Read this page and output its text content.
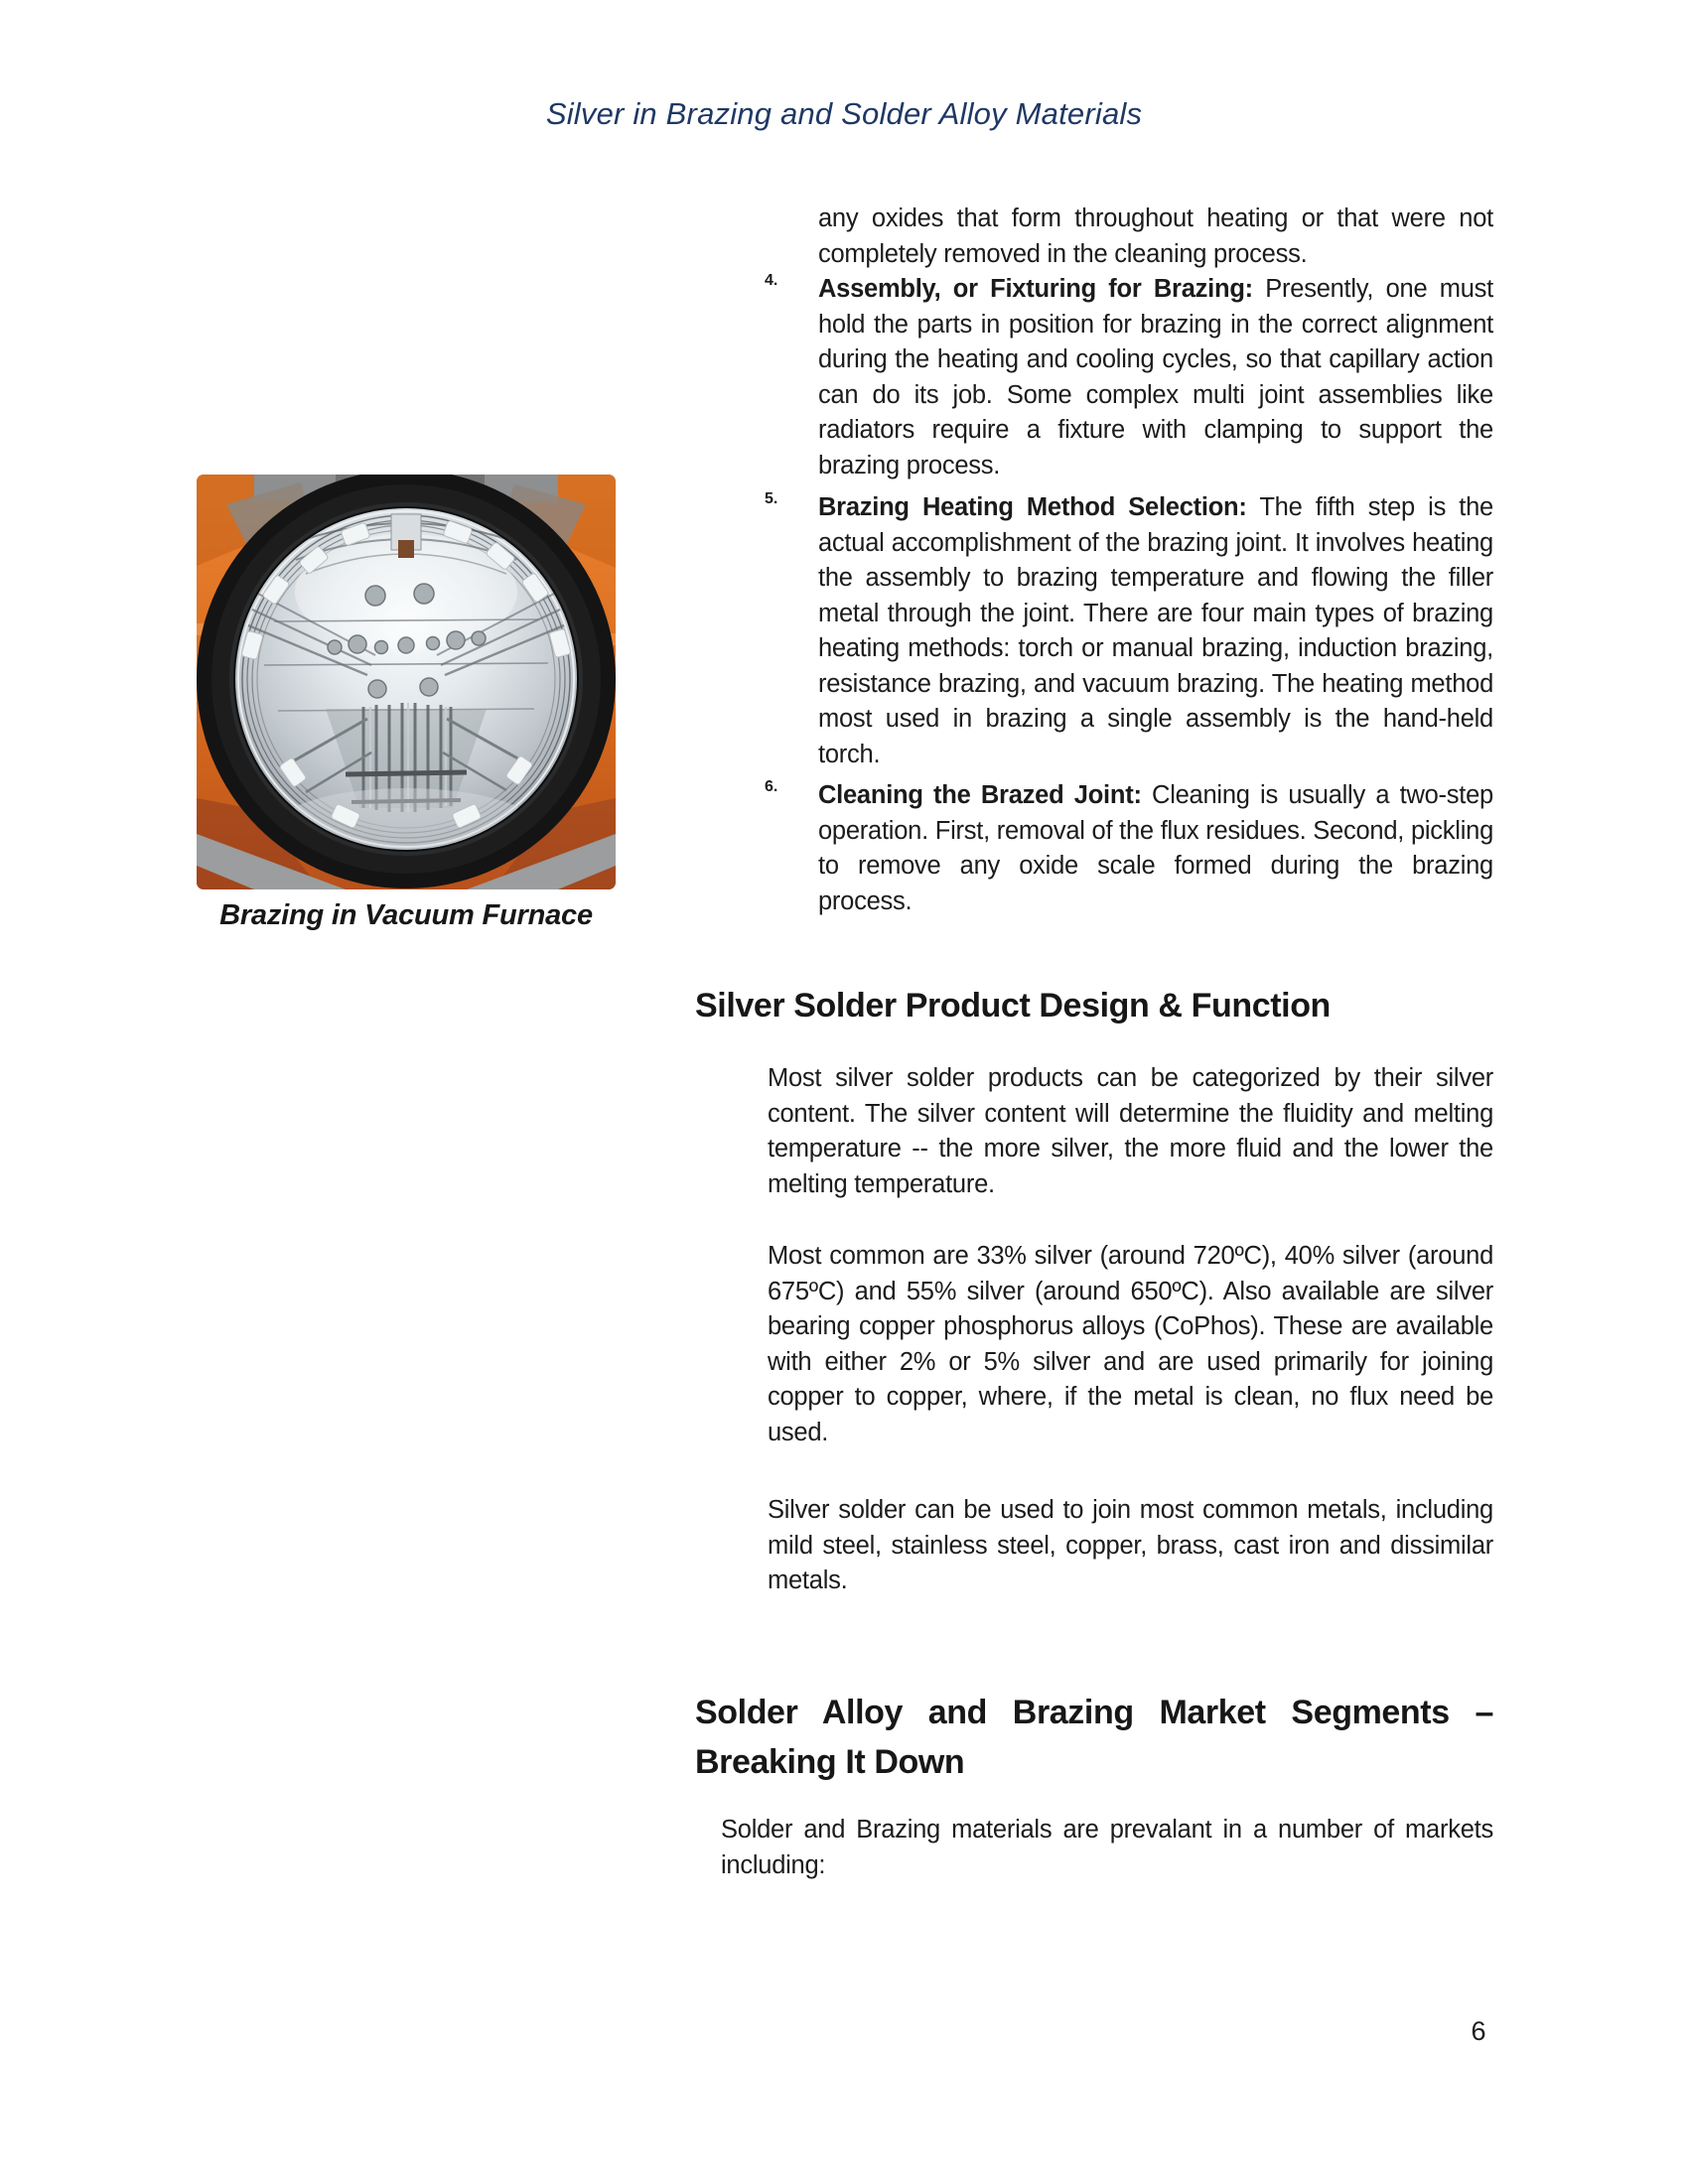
Silver in Brazing and Solder Alloy Materials
Brazing in Vacuum Furnace

any oxides that form throughout heating or that were not completely removed in the cleaning process.

4. Assembly, or Fixturing for Brazing: Presently, one must hold the parts in position for brazing in the correct alignment during the heating and cooling cycles, so that capillary action can do its job. Some complex multi joint assemblies like radiators require a fixture with clamping to support the brazing process.

5. Brazing Heating Method Selection: The fifth step is the actual accomplishment of the brazing joint. It involves heating the assembly to brazing temperature and flowing the filler metal through the joint. There are four main types of brazing heating methods: torch or manual brazing, induction brazing, resistance brazing, and vacuum brazing. The heating method most used in brazing a single assembly is the hand-held torch.

6. Cleaning the Brazed Joint: Cleaning is usually a two-step operation. First, removal of the flux residues. Second, pickling to remove any oxide scale formed during the brazing process.

Silver Solder Product Design & Function

Most silver solder products can be categorized by their silver content. The silver content will determine the fluidity and melting temperature -- the more silver, the more fluid and the lower the melting temperature.

Most common are 33% silver (around 720ºC), 40% silver (around 675ºC) and 55% silver (around 650ºC). Also available are silver bearing copper phosphorus alloys (CoPhos). These are available with either 2% or 5% silver and are used primarily for joining copper to copper, where, if the metal is clean, no flux need be used.

Silver solder can be used to join most common metals, including mild steel, stainless steel, copper, brass, cast iron and dissimilar metals.

Solder Alloy and Brazing Market Segments –
Breaking It Down

Solder and Brazing materials are prevalant in a number of markets including:

6
